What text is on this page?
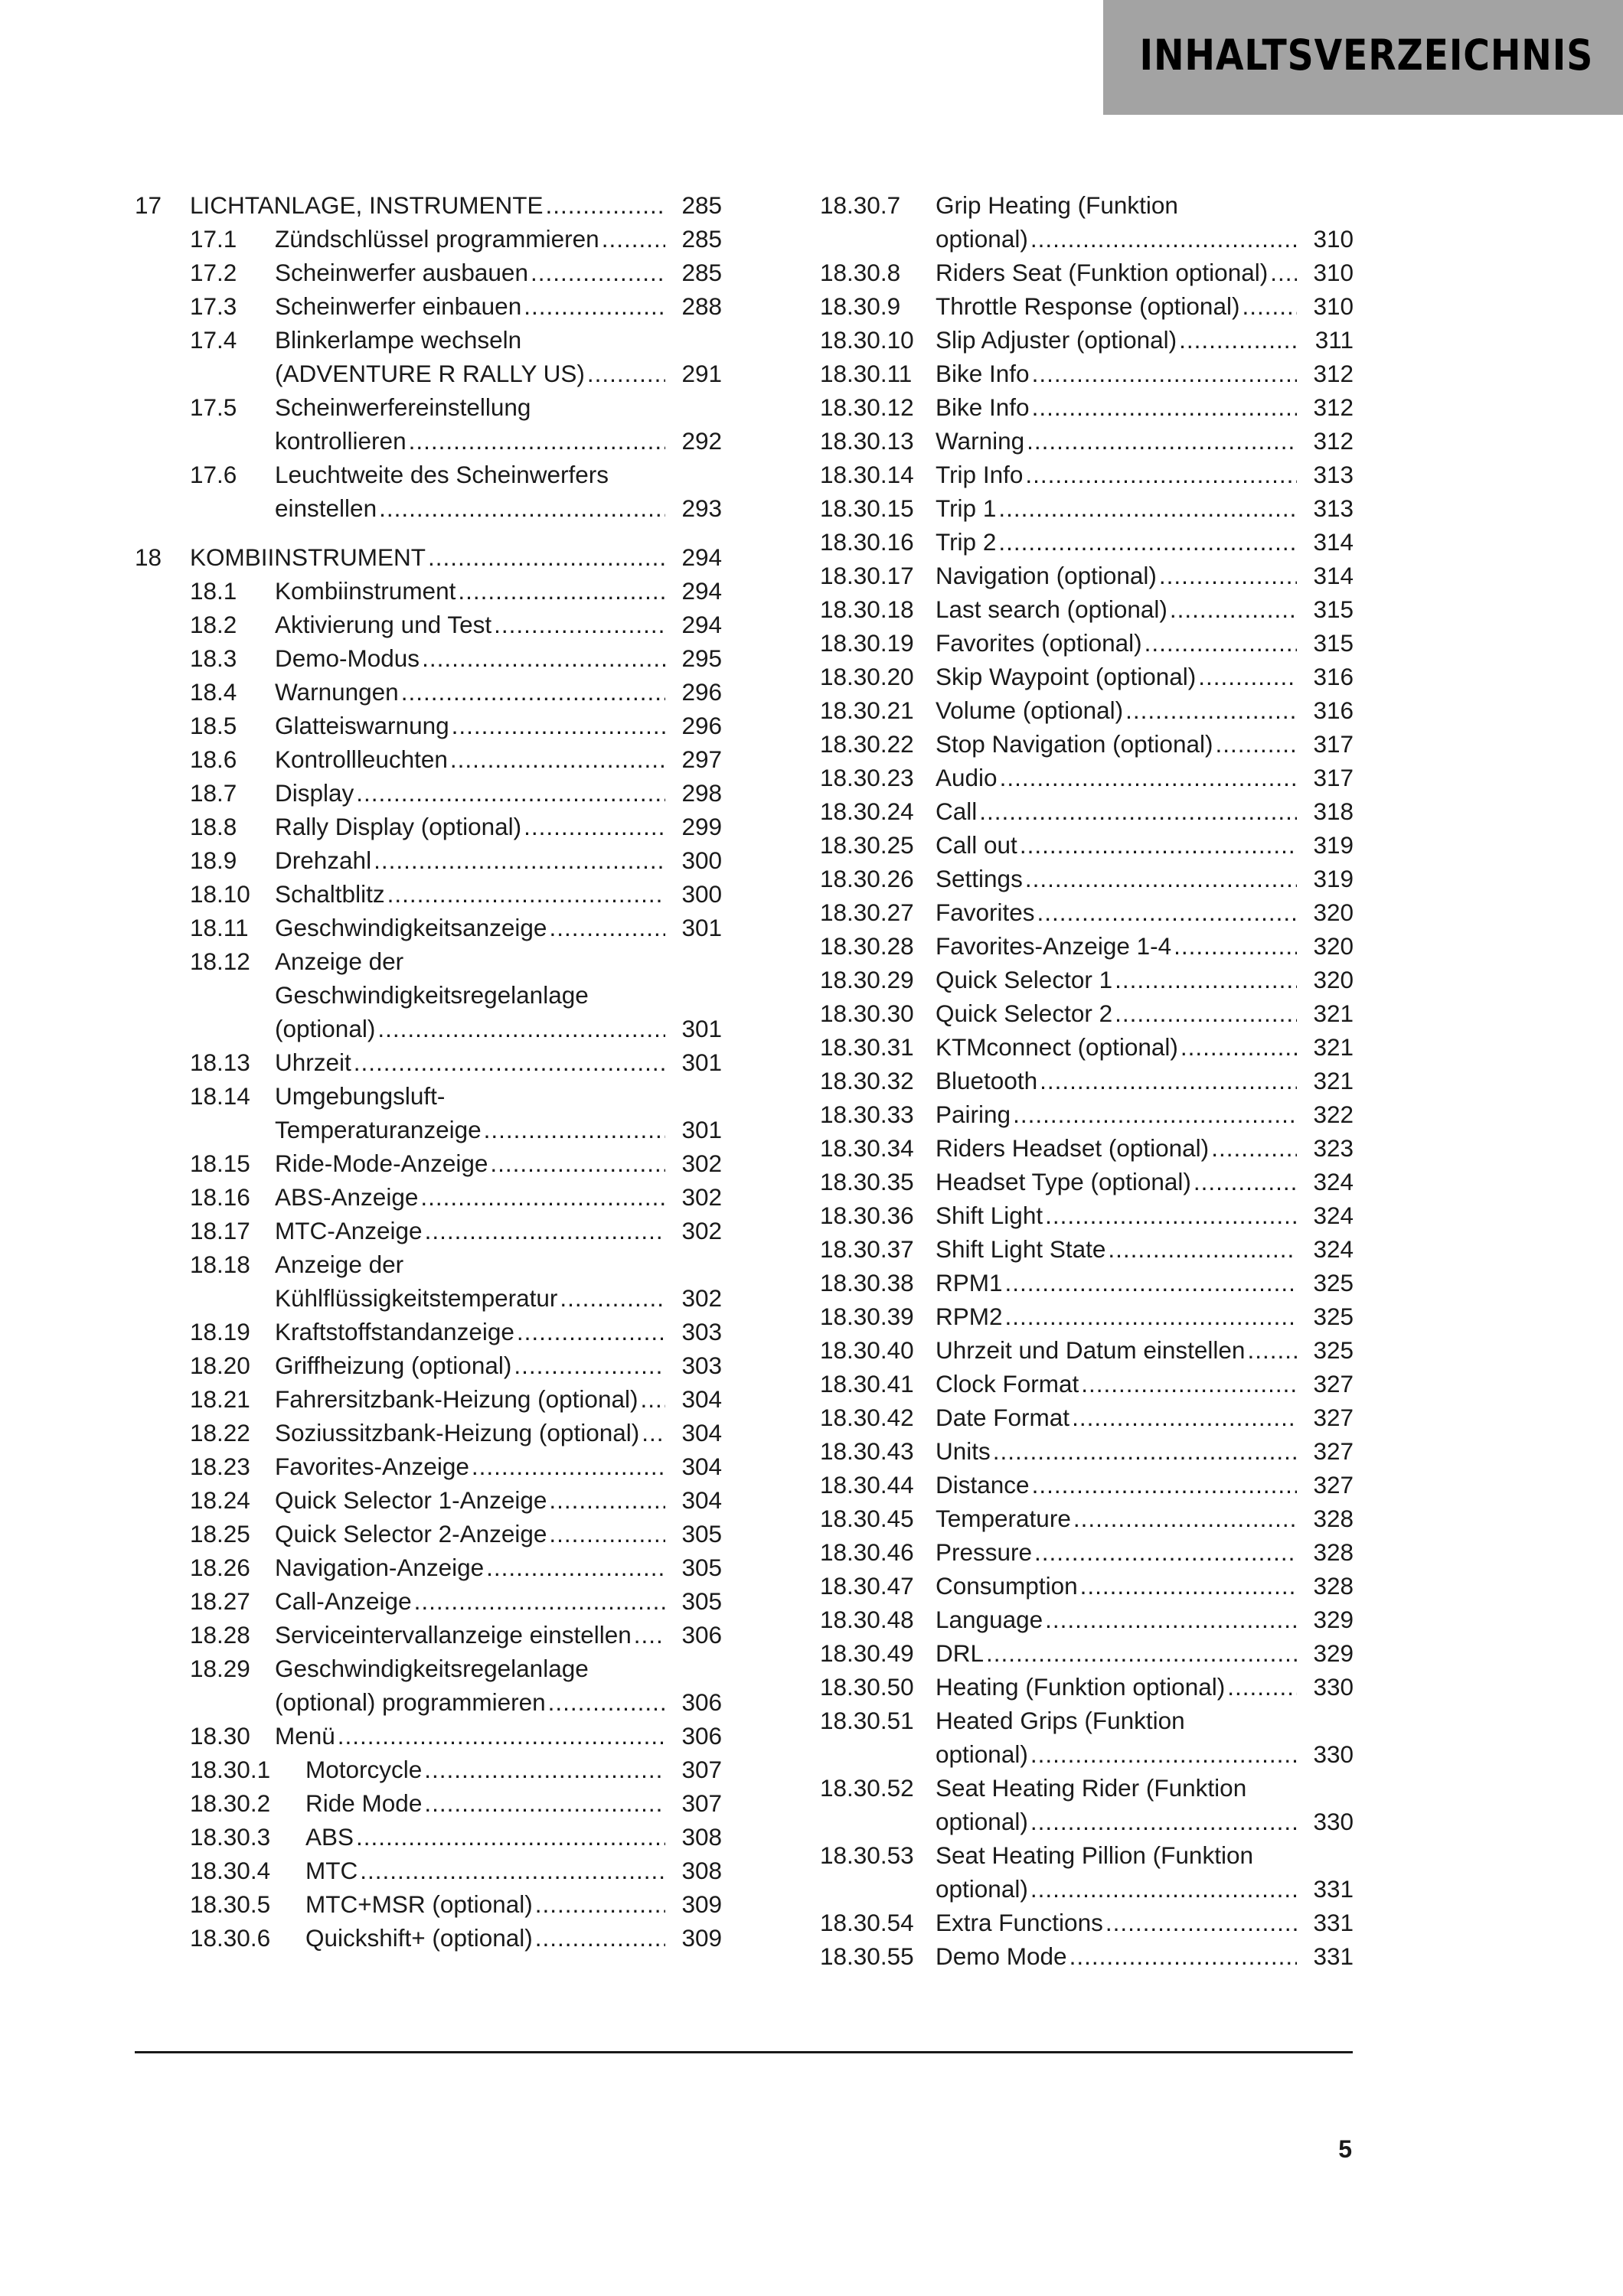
INHALTSVERZEICHNIS
17 LICHTANLAGE, INSTRUMENTE .....	285
17.1 Zündschlüssel programmieren .....	285
17.2 Scheinwerfer ausbauen .....	285
17.3 Scheinwerfer einbauen .....	288
17.4 Blinkerlampe wechseln
(ADVENTURE R RALLY US) .....	291
17.5 Scheinwerfereinstellung
kontrollieren .....	292
17.6 Leuchtweite des Scheinwerfers
einstellen .....	293
18 KOMBIINSTRUMENT .....	294
18.1 Kombiinstrument .....	294
18.2 Aktivierung und Test .....	294
18.3 Demo-Modus .....	295
18.4 Warnungen .....	296
18.5 Glatteiswarnung .....	296
18.6 Kontrollleuchten .....	297
18.7 Display .....	298
18.8 Rally Display (optional) .....	299
18.9 Drehzahl .....	300
18.10 Schaltblitz .....	300
18.11 Geschwindigkeitsanzeige .....	301
18.12 Anzeige der
Geschwindigkeitsregelanlage
(optional) .....	301
18.13 Uhrzeit .....	301
18.14 Umgebungsluft-
Temperaturanzeige .....	301
18.15 Ride-Mode-Anzeige .....	302
18.16 ABS-Anzeige .....	302
18.17 MTC-Anzeige .....	302
18.18 Anzeige der
Kühlflüssigkeitstemperatur .....	302
18.19 Kraftstoffstandanzeige .....	303
18.20 Griffheizung (optional) .....	303
18.21 Fahrersitzbank-Heizung (optional) ..... 304
18.22 Soziussitzbank-Heizung (optional) ..... 304
18.23 Favorites-Anzeige .....	304
18.24 Quick Selector 1-Anzeige .....	304
18.25 Quick Selector 2-Anzeige .....	305
18.26 Navigation-Anzeige .....	305
18.27 Call-Anzeige .....	305
18.28 Serviceintervallanzeige einstellen ..... 306
18.29 Geschwindigkeitsregelanlage
(optional) programmieren .....	306
18.30 Menü .....	306
18.30.1 Motorcycle .....	307
18.30.2 Ride Mode .....	307
18.30.3 ABS .....	308
18.30.4 MTC .....	308
18.30.5 MTC+MSR (optional) .....	309
18.30.6 Quickshift+ (optional) .....	309
18.30.7 Grip Heating (Funktion
optional) .....	310
18.30.8 Riders Seat (Funktion optional) ..... 310
18.30.9 Throttle Response (optional) .....	310
18.30.10 Slip Adjuster (optional) .....	311
18.30.11 Bike Info .....	312
18.30.12 Bike Info .....	312
18.30.13 Warning .....	312
18.30.14 Trip Info .....	313
18.30.15 Trip 1 .....	313
18.30.16 Trip 2 .....	314
18.30.17 Navigation (optional) .....	314
18.30.18 Last search (optional) .....	315
18.30.19 Favorites (optional) .....	315
18.30.20 Skip Waypoint (optional) .....	316
18.30.21 Volume (optional) .....	316
18.30.22 Stop Navigation (optional) .....	317
18.30.23 Audio .....	317
18.30.24 Call .....	318
18.30.25 Call out .....	319
18.30.26 Settings .....	319
18.30.27 Favorites .....	320
18.30.28 Favorites-Anzeige 1-4 .....	320
18.30.29 Quick Selector 1 .....	320
18.30.30 Quick Selector 2 .....	321
18.30.31 KTMconnect (optional) .....	321
18.30.32 Bluetooth .....	321
18.30.33 Pairing .....	322
18.30.34 Riders Headset (optional) .....	323
18.30.35 Headset Type (optional) .....	324
18.30.36 Shift Light .....	324
18.30.37 Shift Light State .....	324
18.30.38 RPM1 .....	325
18.30.39 RPM2 .....	325
18.30.40 Uhrzeit und Datum einstellen .....	325
18.30.41 Clock Format .....	327
18.30.42 Date Format .....	327
18.30.43 Units .....	327
18.30.44 Distance .....	327
18.30.45 Temperature .....	328
18.30.46 Pressure .....	328
18.30.47 Consumption .....	328
18.30.48 Language .....	329
18.30.49 DRL .....	329
18.30.50 Heating (Funktion optional) .....	330
18.30.51 Heated Grips (Funktion
optional) .....	330
18.30.52 Seat Heating Rider (Funktion
optional) .....	330
18.30.53 Seat Heating Pillion (Funktion
optional) .....	331
18.30.54 Extra Functions .....	331
18.30.55 Demo Mode .....	331
5
